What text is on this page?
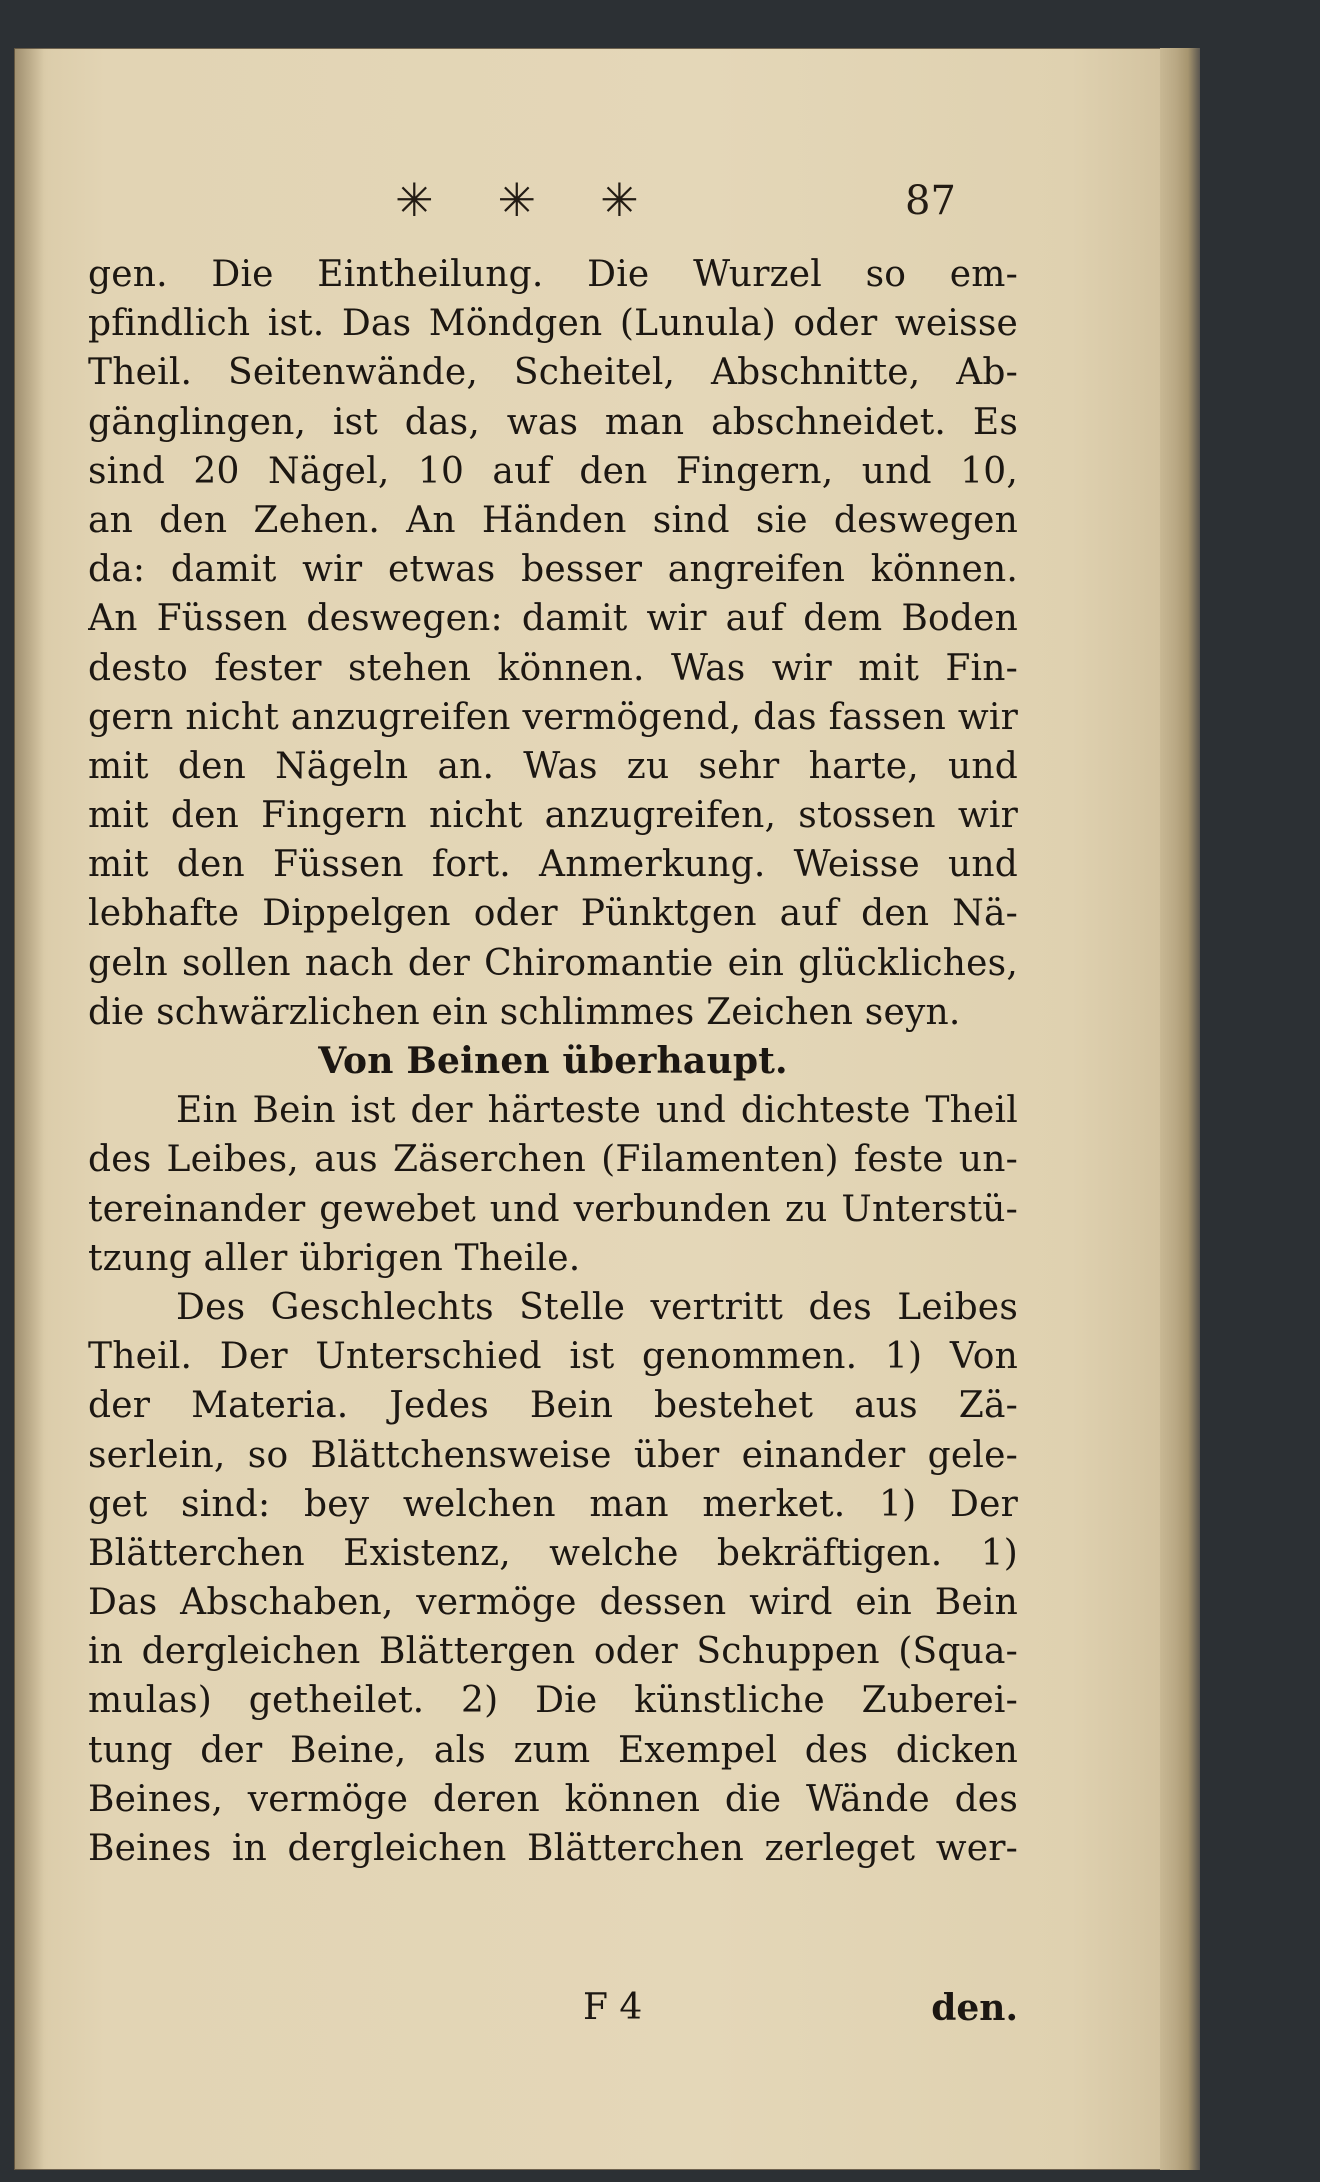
✳ ✳ ✳	87
gen. Die Eintheilung. Die Wurzel so em-
pfindlich ist. Das Möndgen (Lunula) oder weisse
Theil. Seitenwände, Scheitel, Abschnitte, Ab-
gänglingen, ist das, was man abschneidet. Es
sind 20 Nägel, 10 auf den Fingern, und 10,
an den Zehen. An Händen sind sie deswegen
da: damit wir etwas besser angreifen können.
An Füssen deswegen: damit wir auf dem Boden
desto fester stehen können. Was wir mit Fin-
gern nicht anzugreifen vermögend, das fassen wir
mit den Nägeln an. Was zu sehr harte, und
mit den Fingern nicht anzugreifen, stossen wir
mit den Füssen fort. Anmerkung. Weisse und
lebhafte Dippelgen oder Pünktgen auf den Nä-
geln sollen nach der Chiromantie ein glückliches,
die schwärzlichen ein schlimmes Zeichen seyn.
Von Beinen überhaupt.
Ein Bein ist der härteste und dichteste Theil
des Leibes, aus Zäserchen (Filamenten) feste un-
tereinander gewebet und verbunden zu Unterstü-
tzung aller übrigen Theile.
Des Geschlechts Stelle vertritt des Leibes
Theil. Der Unterschied ist genommen. 1) Von
der Materia. Jedes Bein bestehet aus Zä-
serlein, so Blättchensweise über einander gele-
get sind: bey welchen man merket. 1) Der
Blätterchen Existenz, welche bekräftigen. 1)
Das Abschaben, vermöge dessen wird ein Bein
in dergleichen Blättergen oder Schuppen (Squa-
mulas) getheilet. 2) Die künstliche Zuberei-
tung der Beine, als zum Exempel des dicken
Beines, vermöge deren können die Wände des
Beines in dergleichen Blätterchen zerleget wer-
F 4	den.
